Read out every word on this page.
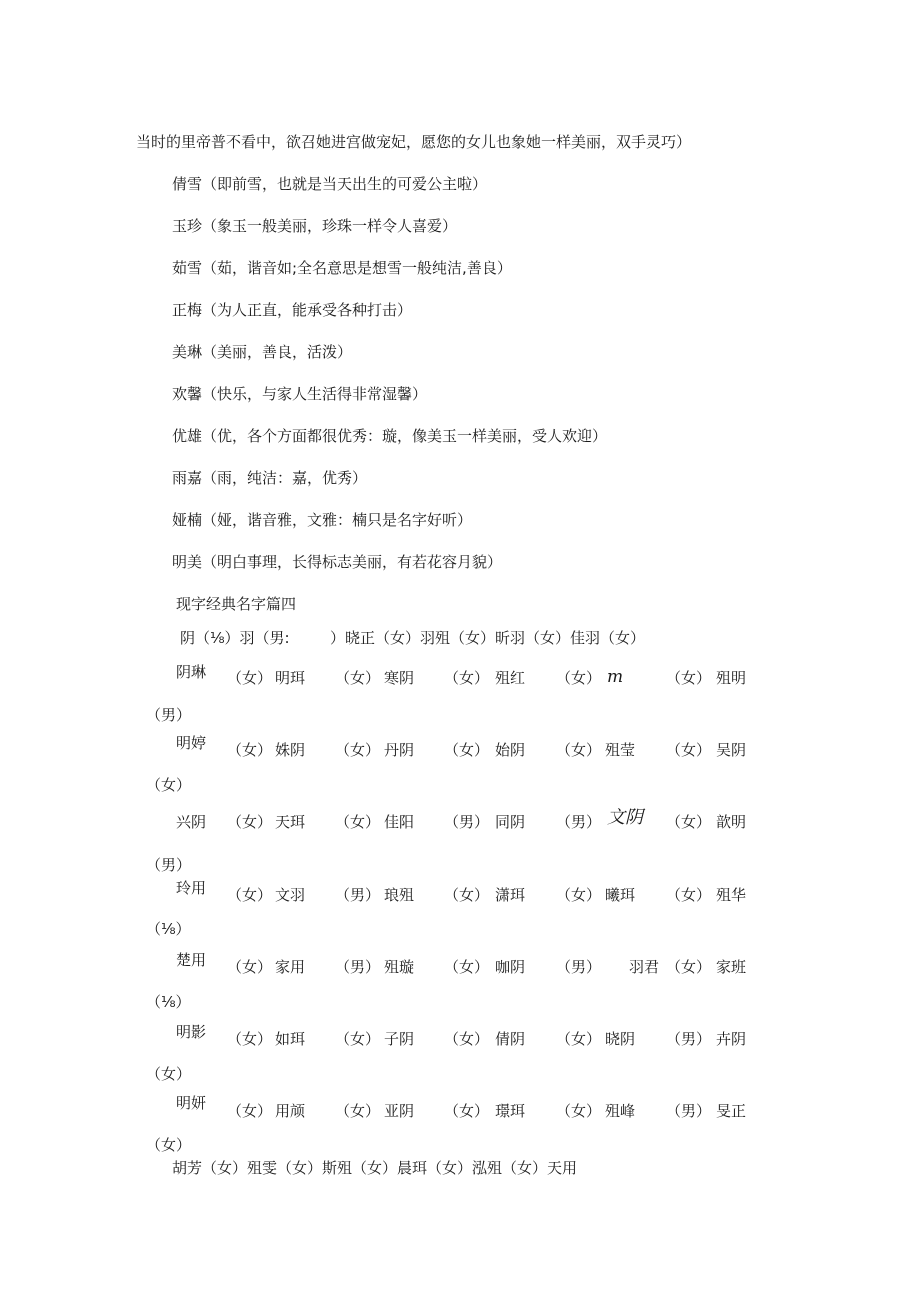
当时的里帝普不看中，欲召她进宫做宠妃，愿您的女儿也象她一样美丽，双手灵巧）
倩雪（即前雪，也就是当天出生的可爱公主啦）
玉珍（象玉一般美丽，珍珠一样令人喜爱）
茹雪（茹，谐音如;全名意思是想雪一般纯洁,善良）
正梅（为人正直，能承受各种打击）
美琳（美丽，善良，活泼）
欢馨（快乐，与家人生活得非常湿馨）
优雄（优，各个方面都很优秀：璇，像美玉一样美丽，受人欢迎）
雨嘉（雨，纯洁：嘉，优秀）
娅楠（娅，谐音雅，文雅：楠只是名字好听）
明美（明白事理，长得标志美丽，有若花容月貌）
现字经典名字篇四
阴（⅛）羽（男:	）晓正（女）羽殂（女）昕羽（女）佳羽（女）
阴琳 （女） 明珥 （女） 寒阴 （女） 殂红 （女） m	（女） 殂明
（男）
明婷 （女） 姝阴 （女） 丹阴 （女） 始阴 （女） 殂莹 （女） 吴阴
（女）
兴阴 （女） 天珥 （女） 佳阳 （男） 同阴 （男） 文阴 （女） 歆明
（男）
玲用 （女） 文羽 （男） 琅殂 （女） 潇珥 （女） 曦珥 （女） 殂华
（⅛）
楚用 （女） 家用 （男） 殂璇 （女） 咖阴 （男） 羽君 （女） 家班
（⅛）
明影 （女） 如珥 （女） 子阴 （女） 倩阴 （女） 晓阴 （男） 卉阴
（女）
明妍 （女） 用颃 （女） 亚阴 （女） 璟珥 （女） 殂峰 （男） 旻正
（女）
胡芳（女）殂雯（女）斯殂（女）晨珥（女）泓殂（女）天用
